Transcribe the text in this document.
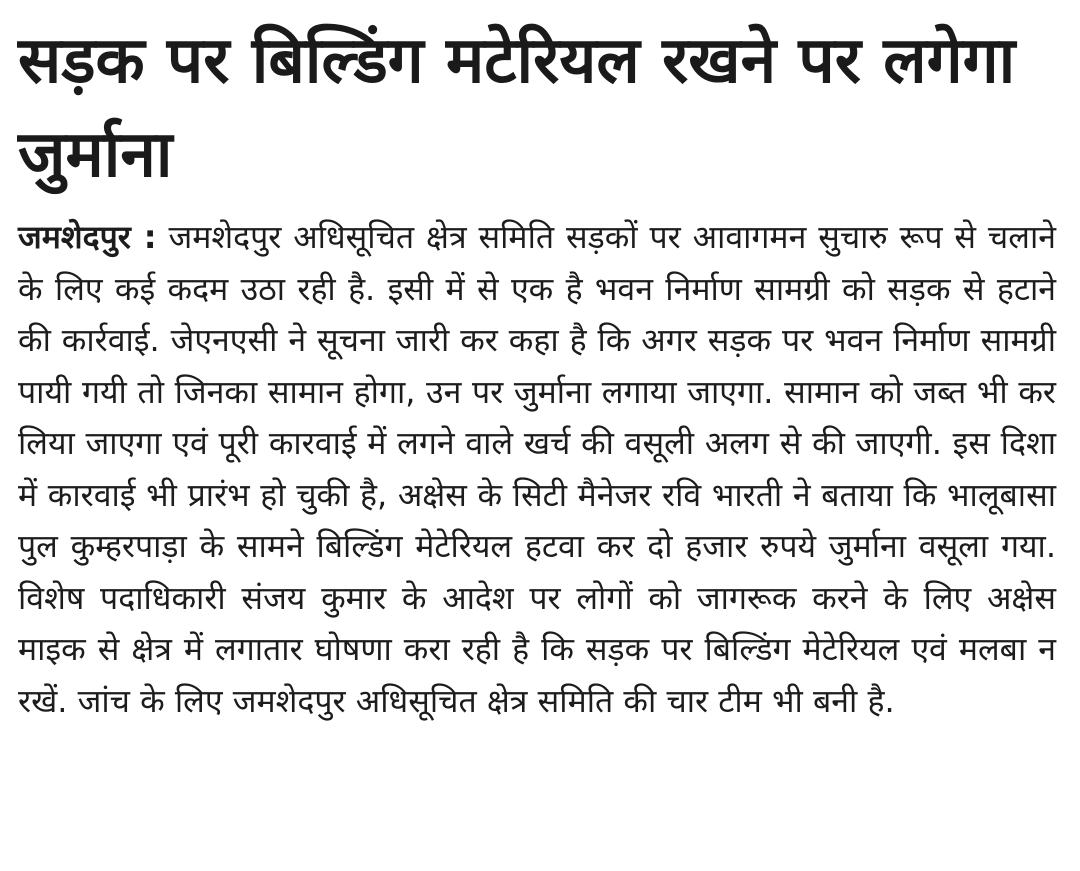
सड़क पर बिल्डिंग मटेरियल रखने पर लगेगा जुर्माना

जमशेदपुर : जमशेदपुर अधिसूचित क्षेत्र समिति सड़कों पर आवागमन सुचारु रूप से चलाने के लिए कई कदम उठा रही है. इसी में से एक है भवन निर्माण सामग्री को सड़क से हटाने की कार्रवाई. जेएनएसी ने सूचना जारी कर कहा है कि अगर सड़क पर भवन निर्माण सामग्री पायी गयी तो जिनका सामान होगा, उन पर जुर्माना लगाया जाएगा. सामान को जब्त भी कर लिया जाएगा एवं पूरी कारवाई में लगने वाले खर्च की वसूली अलग से की जाएगी. इस दिशा में कारवाई भी प्रारंभ हो चुकी है, अक्षेस के सिटी मैनेजर रवि भारती ने बताया कि भालूबासा पुल कुम्हरपाड़ा के सामने बिल्डिंग मेटेरियल हटवा कर दो हजार रुपये जुर्माना वसूला गया. विशेष पदाधिकारी संजय कुमार के आदेश पर लोगों को जागरूक करने के लिए अक्षेस माइक से क्षेत्र में लगातार घोषणा करा रही है कि सड़क पर बिल्डिंग मेटेरियल एवं मलबा न रखें. जांच के लिए जमशेदपुर अधिसूचित क्षेत्र समिति की चार टीम भी बनी है.
